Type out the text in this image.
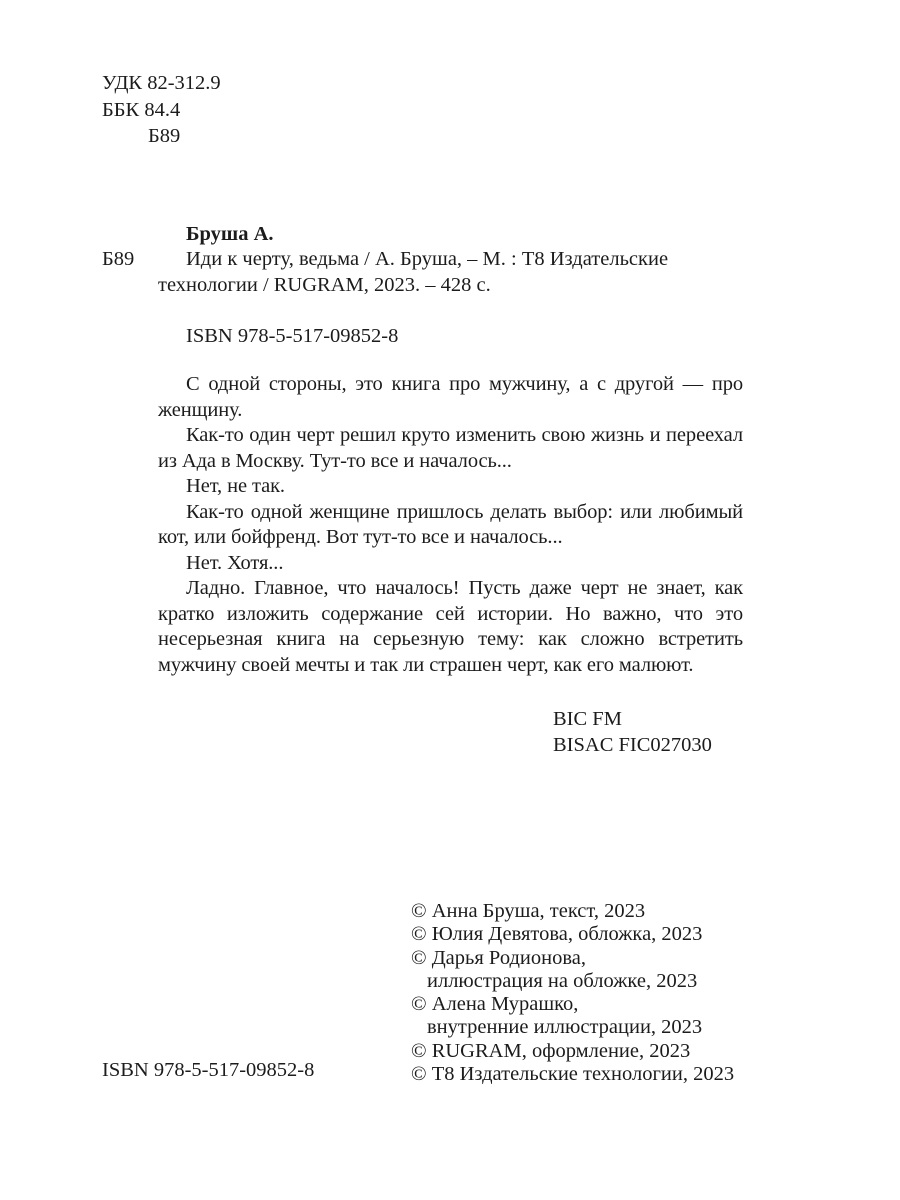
УДК 82-312.9
ББК 84.4
Б89
Бруша А.
Б89	Иди к черту, ведьма / А. Бруша, – М. : Т8 Издательские
технологии / RUGRAM, 2023. – 428 с.
ISBN 978-5-517-09852-8

С одной стороны, это книга про мужчину, а с другой — про женщину.

Как-то один черт решил круто изменить свою жизнь и переехал из Ада в Москву. Тут-то все и началось...

Нет, не так.

Как-то одной женщине пришлось делать выбор: или любимый кот, или бойфренд. Вот тут-то все и началось...

Нет. Хотя...

Ладно. Главное, что началось! Пусть даже черт не знает, как кратко изложить содержание сей истории. Но важно, что это несерьезная книга на серьезную тему: как сложно встретить мужчину своей мечты и так ли страшен черт, как его малюют.

BIC FM
BISAC FIC027030
© Анна Бруша, текст, 2023
© Юлия Девятова, обложка, 2023
© Дарья Родионова,
иллюстрация на обложке, 2023
© Алена Мурашко,
внутренние иллюстрации, 2023
© RUGRAM, оформление, 2023
© Т8 Издательские технологии, 2023
ISBN 978-5-517-09852-8
